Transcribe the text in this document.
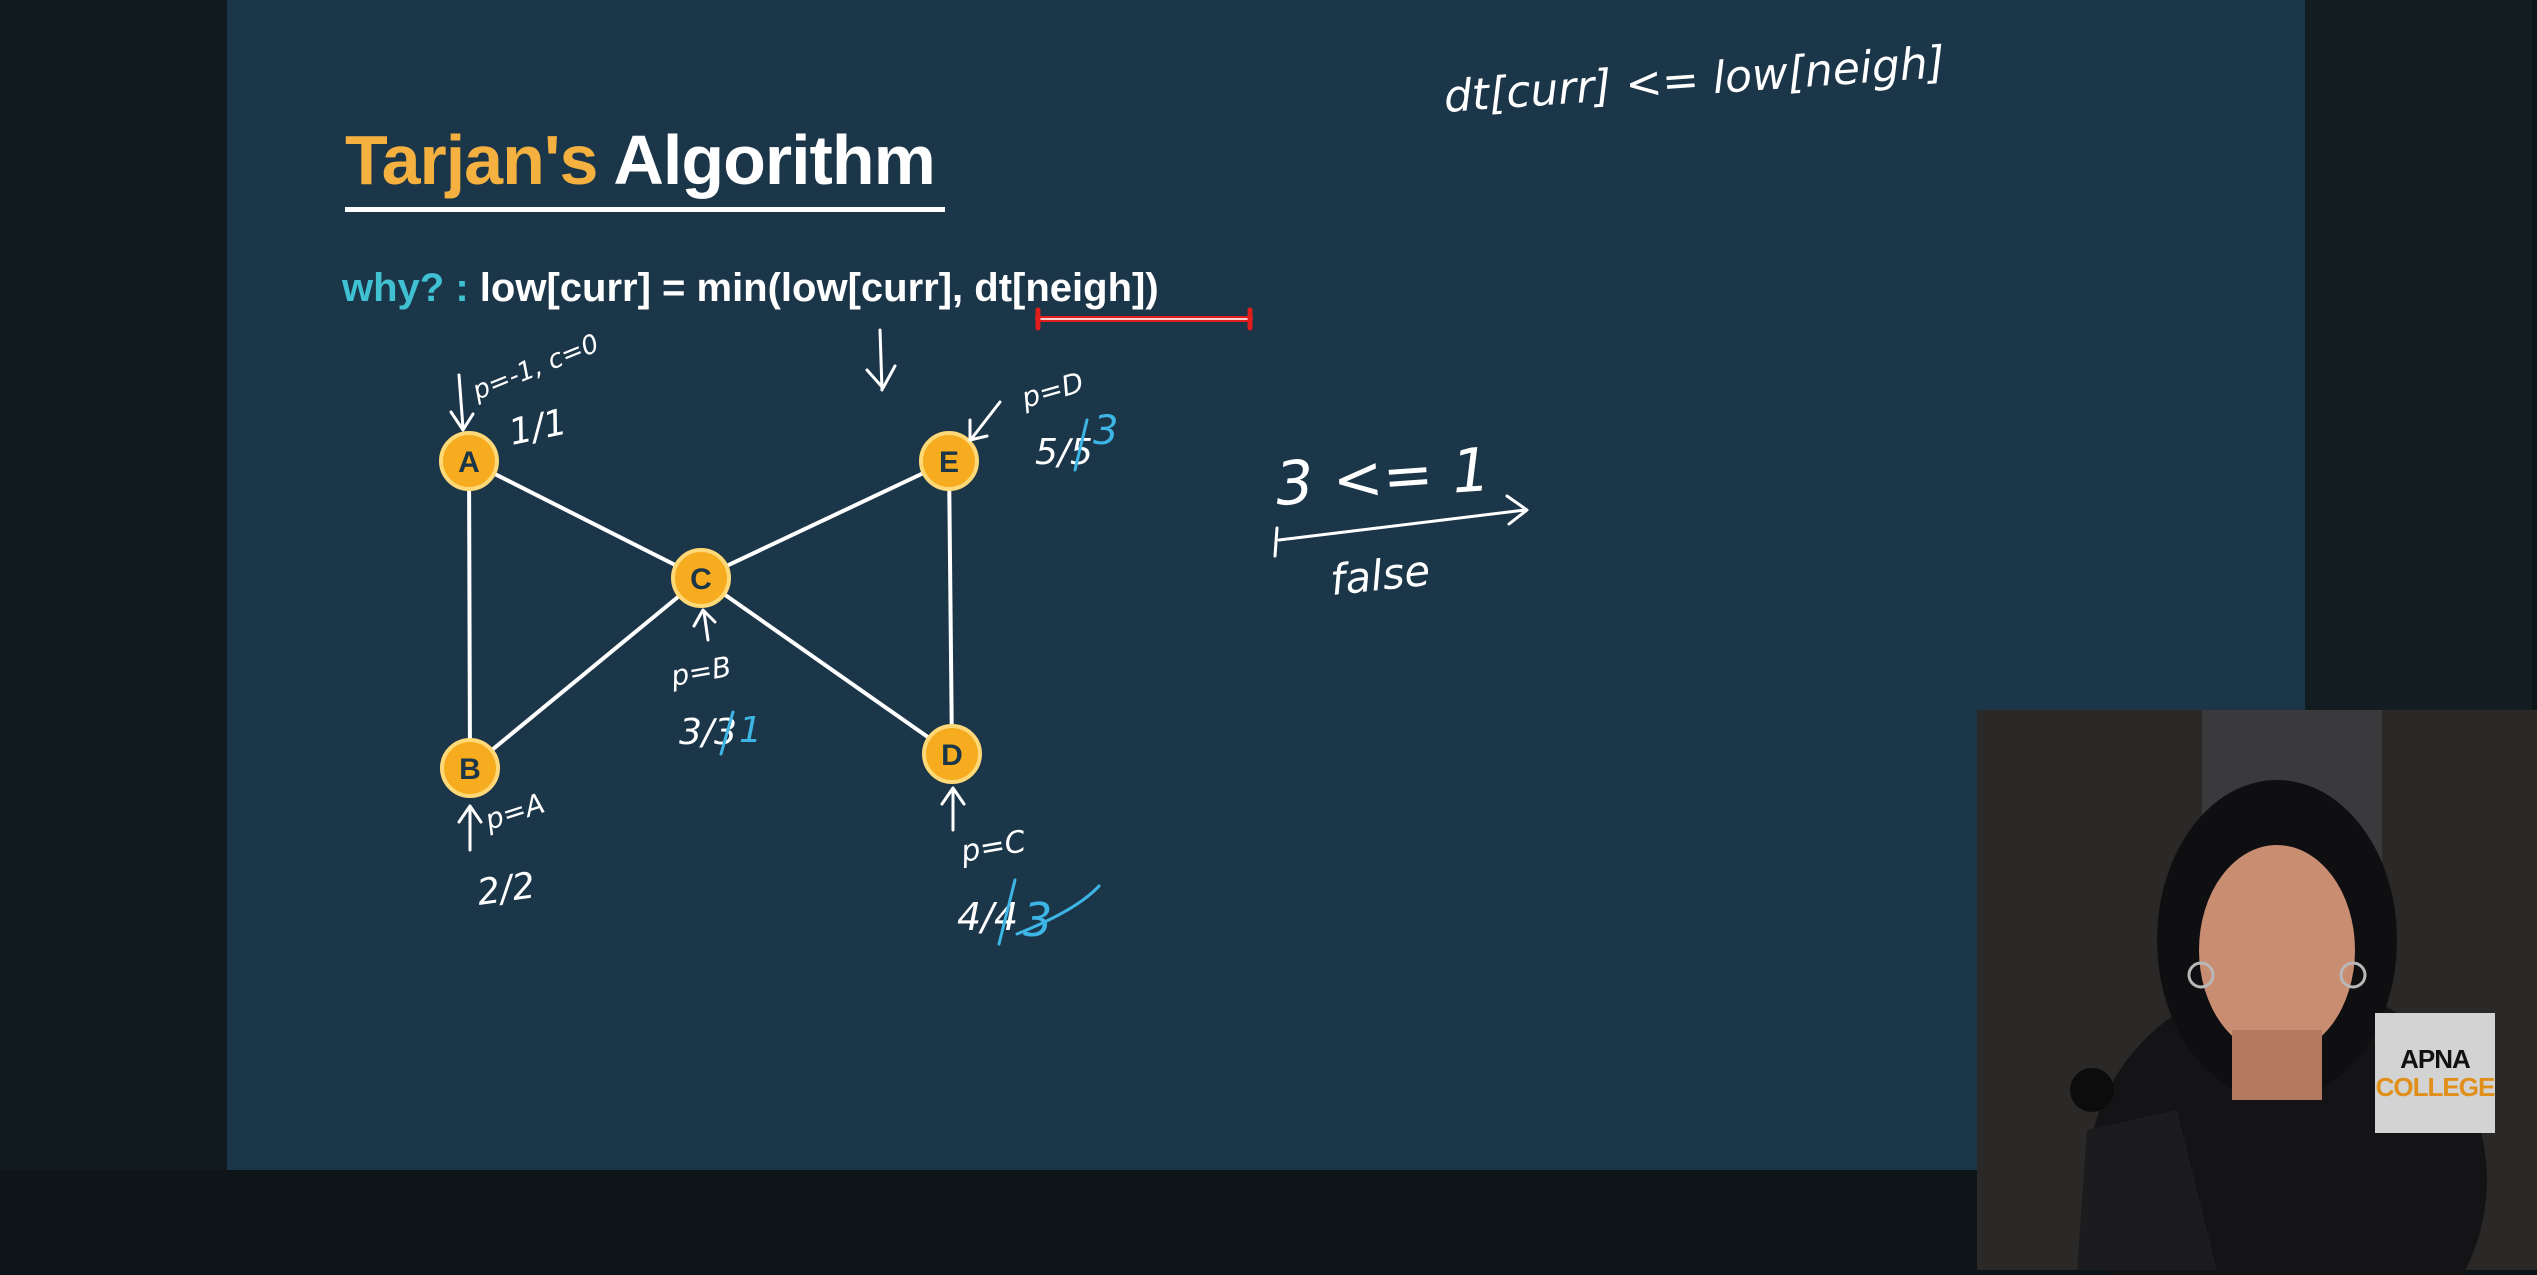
Tarjan's Algorithm
why? : low[curr] = min(low[curr], dt[neigh])
A
B
C
D
E
p=-1, c=0
1/1
p=A
2/2
p=B
3/3 1
p=C
4/4 3
p=D
5/5 3
dt[curr] <= low[neigh]
3 <= 1
false
APNA
COLLEGE
